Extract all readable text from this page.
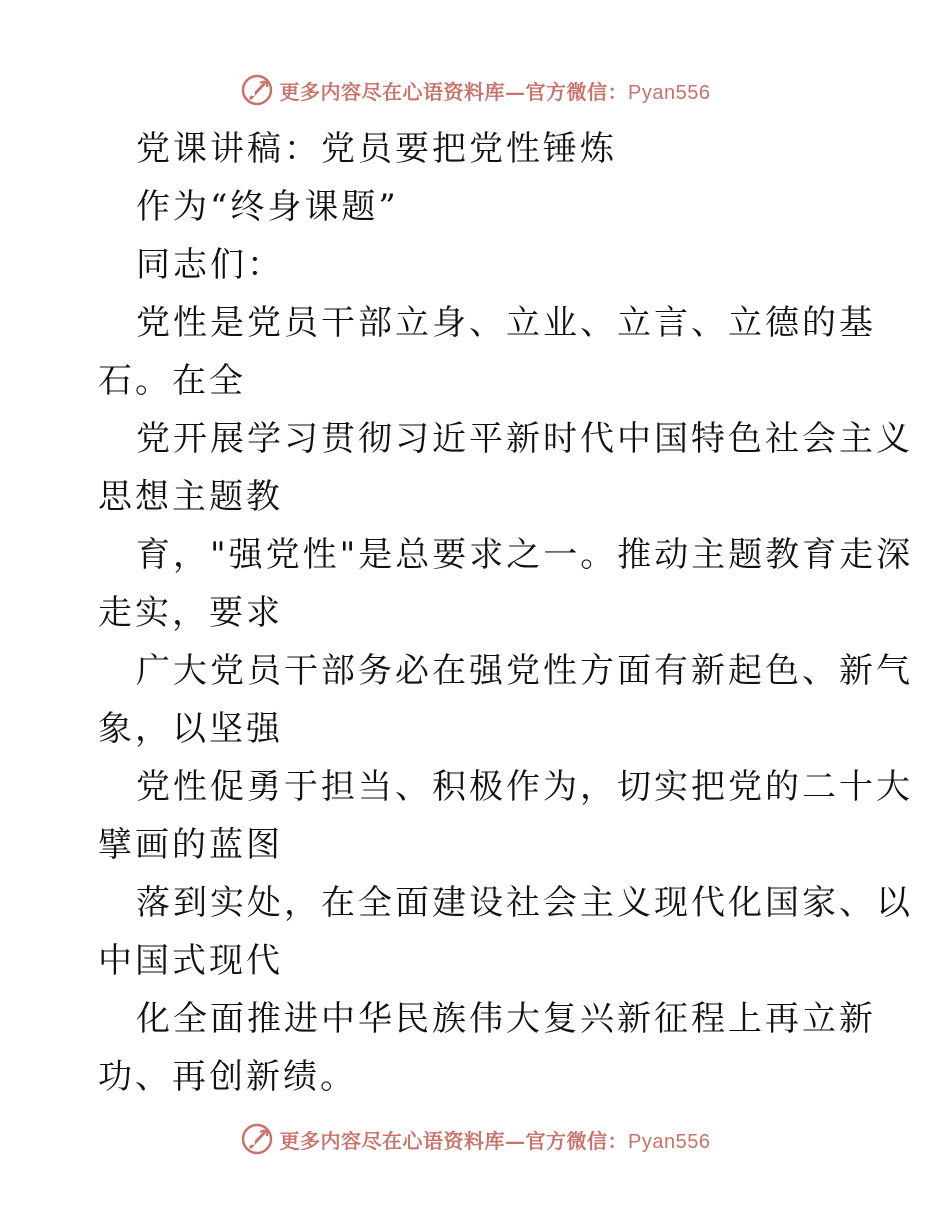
更多内容尽在心语资料库—官方微信：Pyan556
党课讲稿：党员要把党性锤炼
作为“终身课题”
同志们：
党性是党员干部立身、立业、立言、立德的基
石。在全
党开展学习贯彻习近平新时代中国特色社会主义
思想主题教
育，"强党性"是总要求之一。推动主题教育走深
走实，要求
广大党员干部务必在强党性方面有新起色、新气
象，以坚强
党性促勇于担当、积极作为，切实把党的二十大
擘画的蓝图
落到实处，在全面建设社会主义现代化国家、以
中国式现代
化全面推进中华民族伟大复兴新征程上再立新
功、再创新绩。
更多内容尽在心语资料库—官方微信：Pyan556
